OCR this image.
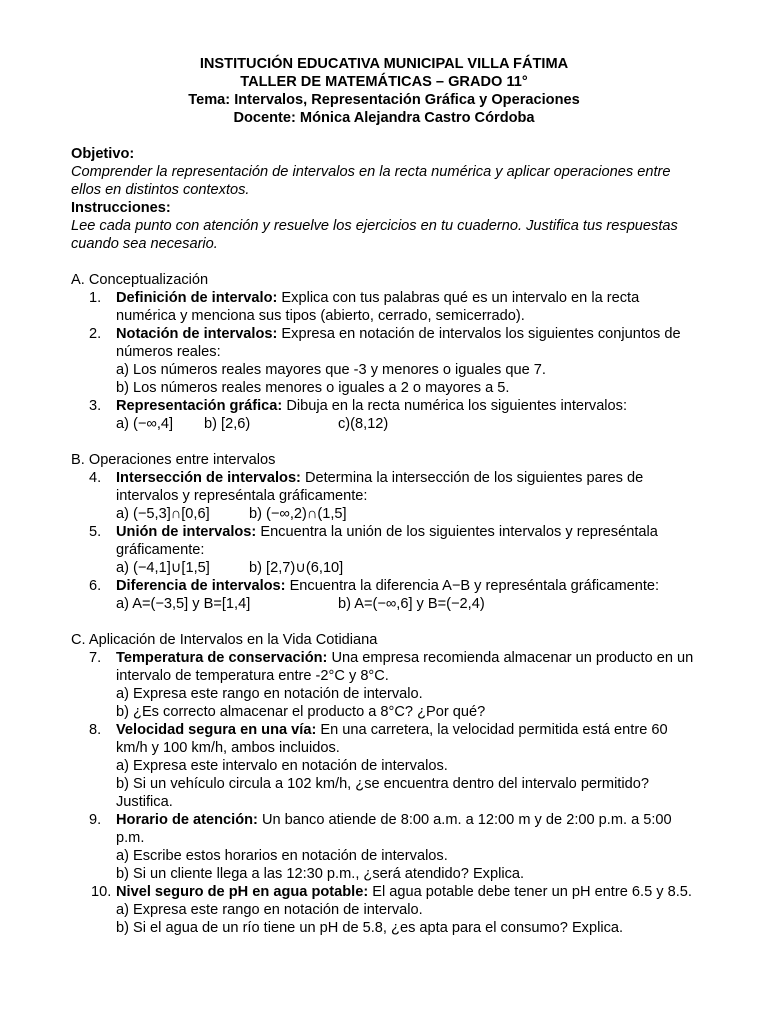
INSTITUCIÓN EDUCATIVA MUNICIPAL VILLA FÁTIMA
TALLER DE MATEMÁTICAS – GRADO 11°
Tema: Intervalos, Representación Gráfica y Operaciones
Docente: Mónica Alejandra Castro Córdoba
Objetivo:
Comprender la representación de intervalos en la recta numérica y aplicar operaciones entre ellos en distintos contextos.
Instrucciones:
Lee cada punto con atención y resuelve los ejercicios en tu cuaderno. Justifica tus respuestas cuando sea necesario.
A. Conceptualización
1.	Definición de intervalo: Explica con tus palabras qué es un intervalo en la recta numérica y menciona sus tipos (abierto, cerrado, semicerrado).
2.	Notación de intervalos: Expresa en notación de intervalos los siguientes conjuntos de números reales:
a) Los números reales mayores que -3 y menores o iguales que 7.
b) Los números reales menores o iguales a 2 o mayores a 5.
3.	Representación gráfica: Dibuja en la recta numérica los siguientes intervalos:
a) (−∞,4]	b) [2,6)	c)(8,12)
B. Operaciones entre intervalos
4.	Intersección de intervalos: Determina la intersección de los siguientes pares de intervalos y represéntala gráficamente:
a) (−5,3]∩[0,6]	b) (−∞,2)∩(1,5]
5.	Unión de intervalos: Encuentra la unión de los siguientes intervalos y represéntala gráficamente:
a) (−4,1]∪[1,5]	b) [2,7)∪(6,10]
6.	Diferencia de intervalos: Encuentra la diferencia A−B y represéntala gráficamente:
a) A=(−3,5] y B=[1,4]	b) A=(−∞,6] y B=(−2,4)
C. Aplicación de Intervalos en la Vida Cotidiana
7.	Temperatura de conservación: Una empresa recomienda almacenar un producto en un intervalo de temperatura entre -2°C y 8°C.
a) Expresa este rango en notación de intervalo.
b) ¿Es correcto almacenar el producto a 8°C? ¿Por qué?
8.	Velocidad segura en una vía: En una carretera, la velocidad permitida está entre 60 km/h y 100 km/h, ambos incluidos.
a) Expresa este intervalo en notación de intervalos.
b) Si un vehículo circula a 102 km/h, ¿se encuentra dentro del intervalo permitido? Justifica.
9.	Horario de atención: Un banco atiende de 8:00 a.m. a 12:00 m y de 2:00 p.m. a 5:00 p.m.
a) Escribe estos horarios en notación de intervalos.
b) Si un cliente llega a las 12:30 p.m., ¿será atendido? Explica.
10. Nivel seguro de pH en agua potable: El agua potable debe tener un pH entre 6.5 y 8.5.
a) Expresa este rango en notación de intervalo.
b) Si el agua de un río tiene un pH de 5.8, ¿es apta para el consumo? Explica.
